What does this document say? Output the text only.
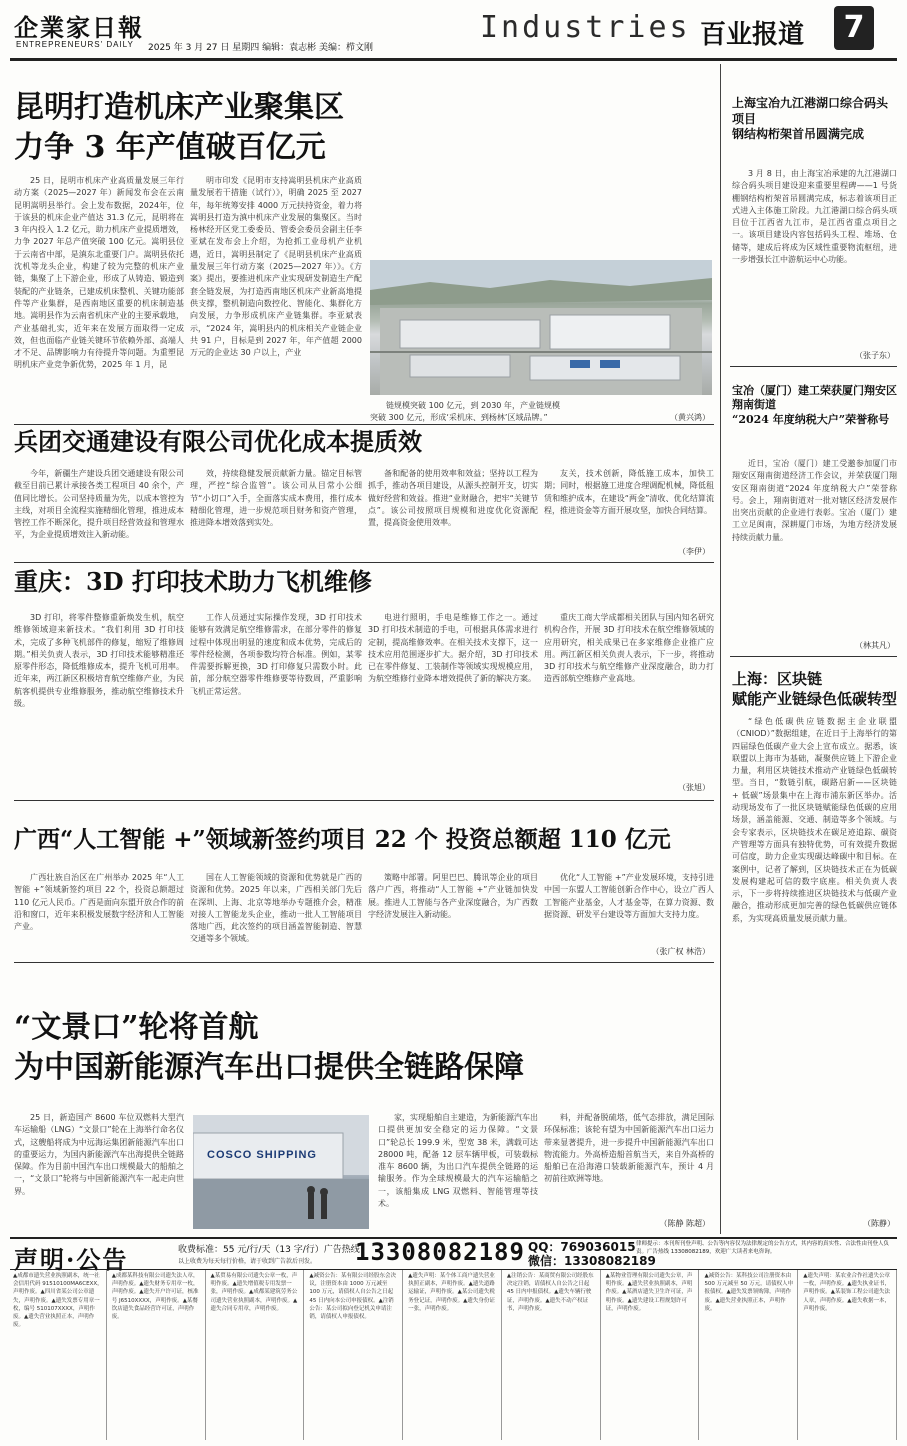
企業家日報
ENTREPRENEURS' DAILY 2025 年 3 月 27 日 星期四 编辑：袁志彬 美编：栉文刚
Industries 百业报道	7
昆明打造机床产业聚集区
力争 3 年产值破百亿元

25 日，昆明市机床产业高质量发展三年行动方案（2025—2027 年）新闻发布会在云南昆明嵩明县举行。会上发布数据，2024年，位于该县的机床企业产值达 31.3 亿元，昆明将在 3 年内投入 1.2 亿元，助力机床产业提质增效，力争 2027 年总产值突破 100 亿元。嵩明县位于云南省中部，是滇东北重要门户。嵩明县依托沈机等龙头企业，构建了较为完整的机床产业链，集聚了上下游企业，形成了从铸造、锻造到装配的产业链条，已建成机床整机、关键功能部件等产业集群，是西南地区重要的机床制造基地。嵩明县作为云南省机床产业的主要承载地，产业基础扎实，近年来在发展方面取得一定成效，但也面临产业链关键环节依赖外部、高端人才不足、品牌影响力有待提升等问题。为重塑昆明机床产业竞争新优势，2025 年 1 月，昆

明市印发《昆明市支持嵩明县机床产业高质量发展若干措施（试行）》，明确 2025 至 2027 年，每年统筹安排 4000 万元扶持资金，着力将嵩明县打造为滇中机床产业发展的集聚区。当时杨林经开区党工委委员、管委会委员会副主任李亚斌在发布会上介绍，为抢抓工业母机产业机遇，近日，嵩明县制定了《昆明县机床产业高质量发展三年行动方案（2025—2027 年）》。《方案》提出，要推进机床产业实现研发制造生产配套全链发展，为打造西南地区机床产业新高地提供支撑，整机制造向数控化、智能化、集群化方向发展，力争形成机床产业链集群。李亚斌表示，“2024 年，嵩明县内的机床相关产业链企业共 91 户，目标是到 2027 年，年产值超 2000 万元的企业达 30 户以上，产业

链规模突破 100 亿元，到 2030 年，产业链规模突破 300 亿元，形成‘采机床、到杨林’区域品牌。”	（黄兴鸿）
兵团交通建设有限公司优化成本提质效

今年，新疆生产建设兵团交通建设有限公司截至目前已累计承接各类工程项目 40 余个，产值同比增长。公司坚持质量为先，以成本管控为主线，对项目全流程实施精细化管理，推进成本管控工作不断深化，提升项目经营效益和管理水平，为企业提质增效注入新动能。

效，持续稳健发展贡献新力量。锚定目标管理，严控“综合监管”。该公司从目常小公细节“小切口”入手，全面落实成本费用，推行成本精细化管理，进一步规范项目财务和资产管理，推进降本增效落到实处。

备和配备的使用效率和效益；坚持以工程为抓手，推动各项目建设，从源头控制开支，切实做好经营和效益。推进“业财融合，把牢“关键节点”。该公司按照项目规模和进度优化资源配置，提高资金使用效率。

友关，技术创新，降低施工成本，加快工期；同时，根据施工进度合理调配机械，降低租赁和维护成本，在建设“两金”清收、优化结算流程，推进资金等方面开展攻坚，加快合同结算。

（李伊）
重庆：3D 打印技术助力飞机维修

3D 打印，将零件整修重新焕发生机，航空维修领域迎来新技术。“我们利用 3D 打印技术，完成了多种飞机部件的修复，缩短了维修周期。”相关负责人表示，3D 打印技术能够精准还原零件形态，降低维修成本，提升飞机可用率。近年来，两江新区积极培育航空维修产业，为民航客机提供专业维修服务，推动航空维修技术升级。

工作人员通过实际操作发现，3D 打印技术能够有效满足航空维修需求，在部分零件的修复过程中体现出明显的速度和成本优势，完成后的零件经检测，各项参数均符合标准。例如，某零件需要拆解更换，3D 打印修复只需数小时。此前，部分航空器零件维修要等待数周，严重影响飞机正常运营。

电进行照明，手电是维修工作之一。通过 3D 打印技术制造的手电，可根据具体需求进行定制，提高维修效率。在相关技术支撑下，这一技术应用范围逐步扩大。据介绍，3D 打印技术已在零件修复、工装制作等领域实现规模应用，为航空维修行业降本增效提供了新的解决方案。

重庆工商大学成都相关团队与国内知名研究机构合作，开展 3D 打印技术在航空维修领域的应用研究，相关成果已在多家维修企业推广应用。两江新区相关负责人表示，下一步，将推动 3D 打印技术与航空维修产业深度融合，助力打造西部航空维修产业高地。

（张旭）
广西“人工智能 +”领域新签约项目 22 个 投资总额超 110 亿元

广西壮族自治区在广州举办 2025 年“人工智能 +”领域新签约项目 22 个，投资总额超过 110 亿元人民币。广西是面向东盟开放合作的前沿和窗口，近年来积极发展数字经济和人工智能产业。

国在人工智能领域的资源和优势就是广西的资源和优势。2025 年以来，广西相关部门先后在深圳、上海、北京等地举办专题推介会，精准对接人工智能龙头企业，推动一批人工智能项目落地广西，此次签约的项目涵盖智能制造、智慧交通等多个领域。

策略中部署。阿里巴巴、腾讯等企业的项目落户广西，将推动“人工智能 +”产业链加快发展。推进人工智能与各产业深度融合，为广西数字经济发展注入新动能。

优化“人工智能 +”产业发展环境，支持引进中国一东盟人工智能创新合作中心，设立广西人工智能产业基金，人才基金等，在算力资源、数据资源、研发平台建设等方面加大支持力度。

（张广权 林浩）
“文景口”轮将首航
为中国新能源汽车出口提供全链路保障

25 日，新造国产 8600 车位双燃料大型汽车运输船（LNG）“文景口”轮在上海举行命名仪式，这艘船将成为中远海运集团新能源汽车出口的重要运力，为国内新能源汽车出海提供全链路保障。作为目前中国汽车出口规模最大的船舶之一，“文景口”轮将与中国新能源汽车一起走向世界。

COSCO SHIPPING

家，实现船舶自主建造，为新能源汽车出口提供更加安全稳定的运力保障。“文景口”轮总长 199.9 米，型宽 38 米，满载可达 28000 吨，配备 12 层车辆甲板，可装载标准车 8600 辆，为出口汽车提供全链路的运输服务。作为全球规模最大的汽车运输船之一，该船集成 LNG 双燃料、智能管理等技术。

料，并配备脱硫塔，低气态排放，满足国际环保标准；该轮有望为中国新能源汽车出口运力带来显著提升，进一步提升中国新能源汽车出口物流能力。外高桥造船首航当天，来自外高桥的船舶已在沿海港口装载新能源汽车，预计 4 月初前往欧洲等地。

（陈静 陈超）
上海宝冶九江港湖口综合码头项目
钢结构桁架首吊圆满完成

3 月 8 日，由上海宝冶承建的九江港湖口综合码头项目建设迎来重要里程碑——1 号货棚钢结构桁架首吊圆满完成，标志着该项目正式进入主体施工阶段。九江港湖口综合码头项目位于江西省九江市，是江西省重点项目之一。该项目建设内容包括码头工程、堆场、仓储等，建成后将成为区域性重要物流枢纽，进一步增强长江中游航运中心功能。

（张子东）
宝冶（厦门）建工荣获厦门翔安区翔南街道
“2024 年度纳税大户”荣誉称号

近日，宝冶（厦门）建工受邀参加厦门市翔安区翔南街道经济工作会议，并荣获厦门翔安区翔南街道“2024 年度纳税大户”荣誉称号。会上，翔南街道对一批对辖区经济发展作出突出贡献的企业进行表彰。宝冶（厦门）建工立足闽南，深耕厦门市场，为地方经济发展持续贡献力量。

（林其凡）
上海：区块链
赋能产业链绿色低碳转型

“绿色低碳供应链数据主企业联盟（CNIOD）”数据组建，在近日于上海举行的第四届绿色低碳产业大会上宣布成立。据悉，该联盟以上海市为基础，凝聚供应链上下游企业力量，利用区块链技术推动产业链绿色低碳转型。当日，“数链引航，碳路启新——区块链 + 低碳”场景集中在上海市浦东新区举办。活动现场发布了一批区块链赋能绿色低碳的应用场景，涵盖能源、交通、制造等多个领域。与会专家表示，区块链技术在碳足迹追踪、碳资产管理等方面具有独特优势，可有效提升数据可信度，助力企业实现碳达峰碳中和目标。在案例中，记者了解到，区块链技术正在为低碳发展构建起可信的数字底座。相关负责人表示，下一步将持续推进区块链技术与低碳产业融合，推动形成更加完善的绿色低碳供应链体系，为实现高质量发展贡献力量。

（陈静）
声明·公告	收费标准：55 元/行/天（13 字/行）广告热线
以上收费为每天每行价格，请于收到广告款后刊发。 13308082189 QQ：769036015
微信：13308082189
律师提示：本刊所刊登声明、公告等内容仅为法律规定的公告方式，其内容的真实性、合法性由刊登人负责。广告热线 13308082189，欢迎广大读者来电咨询。

▲成都市遗失营业执照副本，统一社会信用代码 91510100MA6CEXX，声明作废。▲四川省某公司公章遗失，声明作废。▲遗失发票专用章一枚，编号 510107XXXX，声明作废。▲遗失营业执照正本，声明作废。

▲成都某科技有限公司遗失法人章，声明作废。▲遗失财务专用章一枚，声明作废。▲遗失开户许可证，核准号 J6510XXXX，声明作废。▲某餐饮店遗失食品经营许可证，声明作废。

▲某贸易有限公司遗失公章一枚，声明作废。▲遗失增值税专用发票一张，声明作废。▲成都某建筑劳务公司遗失营业执照副本，声明作废。▲遗失合同专用章，声明作废。

▲减资公告：某有限公司经股东会决议，注册资本由 1000 万元减至 100 万元，请债权人自公告之日起 45 日内向本公司申报债权。▲注销公告：某公司拟向登记机关申请注销，请债权人申报债权。

▲遗失声明：某个体工商户遗失营业执照正副本，声明作废。▲遗失道路运输证，声明作废。▲某公司遗失税务登记证，声明作废。▲遗失身份证一张，声明作废。

▲注销公告：某商贸有限公司经股东决定注销，请债权人自公告之日起 45 日内申报债权。▲遗失车辆行驶证，声明作废。▲遗失不动产权证书，声明作废。

▲某物业管理有限公司遗失公章，声明作废。▲遗失营业执照副本，声明作废。▲某酒店遗失卫生许可证，声明作废。▲遗失建设工程规划许可证，声明作废。

▲减资公告：某科技公司注册资本由 500 万元减至 50 万元，请债权人申报债权。▲遗失发票领购簿，声明作废。▲遗失营业执照正本，声明作废。

▲遗失声明：某农业合作社遗失公章一枚，声明作废。▲遗失执业证书，声明作废。▲某装饰工程公司遗失法人章，声明作废。▲遗失收据一本，声明作废。
